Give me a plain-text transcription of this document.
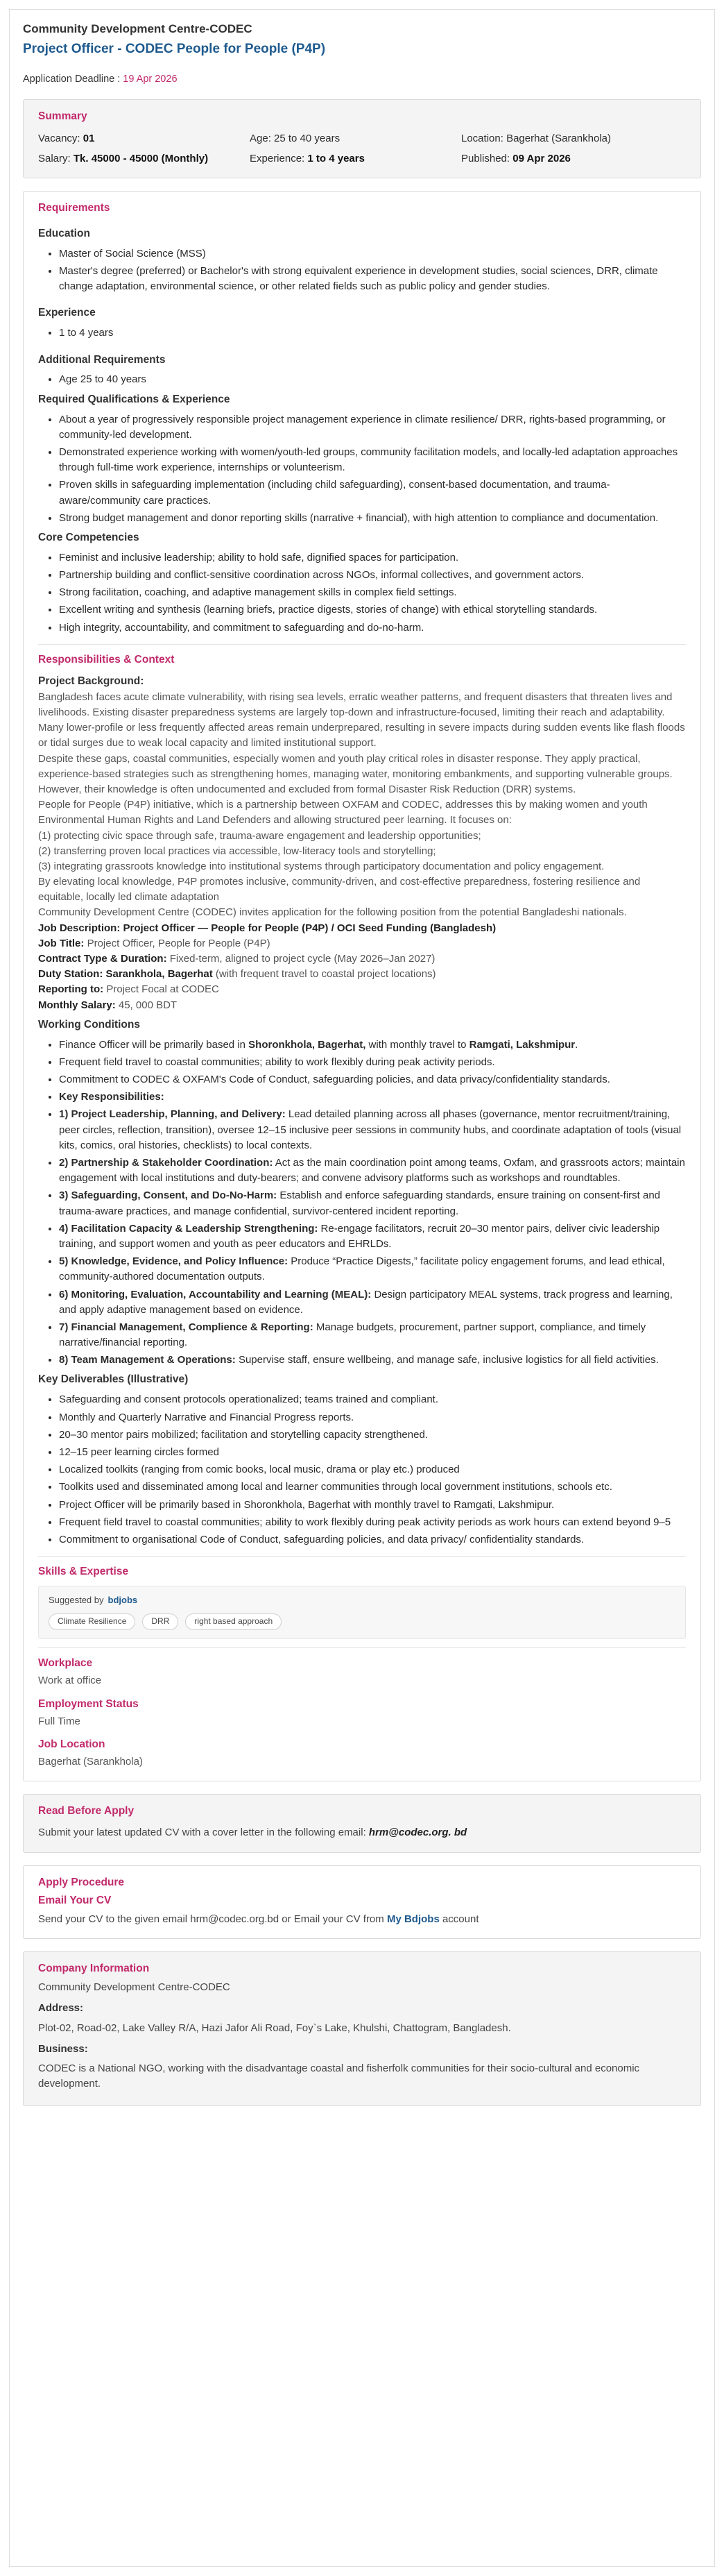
Community Development Centre-CODEC
Project Officer - CODEC People for People (P4P)
Application Deadline : 19 Apr 2026
Summary
Vacancy: 01	Age: 25 to 40 years	Location: Bagerhat (Sarankhola)
Salary: Tk. 45000 - 45000 (Monthly)	Experience: 1 to 4 years	Published: 09 Apr 2026
Requirements
Education
• Master of Social Science (MSS)
• Master's degree (preferred) or Bachelor's with strong equivalent experience in development studies, social sciences, DRR, climate change adaptation, environmental science, or other related fields such as public policy and gender studies.
Experience
• 1 to 4 years
Additional Requirements
• Age 25 to 40 years
Required Qualifications & Experience
• About a year of progressively responsible project management experience in climate resilience/ DRR, rights-based programming, or community-led development.
• Demonstrated experience working with women/youth-led groups, community facilitation models, and locally-led adaptation approaches through full-time work experience, internships or volunteerism.
• Proven skills in safeguarding implementation (including child safeguarding), consent-based documentation, and trauma-aware/community care practices.
• Strong budget management and donor reporting skills (narrative + financial), with high attention to compliance and documentation.
Core Competencies
• Feminist and inclusive leadership; ability to hold safe, dignified spaces for participation.
• Partnership building and conflict-sensitive coordination across NGOs, informal collectives, and government actors.
• Strong facilitation, coaching, and adaptive management skills in complex field settings.
• Excellent writing and synthesis (learning briefs, practice digests, stories of change) with ethical storytelling standards.
• High integrity, accountability, and commitment to safeguarding and do-no-harm.
Responsibilities & Context
Project Background:
Bangladesh faces acute climate vulnerability, with rising sea levels, erratic weather patterns, and frequent disasters that threaten lives and livelihoods. Existing disaster preparedness systems are largely top-down and infrastructure-focused, limiting their reach and adaptability. Many lower-profile or less frequently affected areas remain underprepared, resulting in severe impacts during sudden events like flash floods or tidal surges due to weak local capacity and limited institutional support.
Despite these gaps, coastal communities, especially women and youth play critical roles in disaster response. They apply practical, experience-based strategies such as strengthening homes, managing water, monitoring embankments, and supporting vulnerable groups. However, their knowledge is often undocumented and excluded from formal Disaster Risk Reduction (DRR) systems.
People for People (P4P) initiative, which is a partnership between OXFAM and CODEC, addresses this by making women and youth Environmental Human Rights and Land Defenders and allowing structured peer learning. It focuses on:
(1) protecting civic space through safe, trauma-aware engagement and leadership opportunities;
(2) transferring proven local practices via accessible, low-literacy tools and storytelling;
(3) integrating grassroots knowledge into institutional systems through participatory documentation and policy engagement.
By elevating local knowledge, P4P promotes inclusive, community-driven, and cost-effective preparedness, fostering resilience and equitable, locally led climate adaptation
Community Development Centre (CODEC) invites application for the following position from the potential Bangladeshi nationals.
Job Description: Project Officer — People for People (P4P) / OCI Seed Funding (Bangladesh)
Job Title: Project Officer, People for People (P4P)
Contract Type & Duration: Fixed-term, aligned to project cycle (May 2026–Jan 2027)
Duty Station: Sarankhola, Bagerhat (with frequent travel to coastal project locations)
Reporting to: Project Focal at CODEC
Monthly Salary: 45, 000 BDT
Working Conditions
• Finance Officer will be primarily based in Shoronkhola, Bagerhat, with monthly travel to Ramgati, Lakshmipur.
• Frequent field travel to coastal communities; ability to work flexibly during peak activity periods.
• Commitment to CODEC & OXFAM's Code of Conduct, safeguarding policies, and data privacy/confidentiality standards.
• Key Responsibilities:
• 1) Project Leadership, Planning, and Delivery: Lead detailed planning across all phases (governance, mentor recruitment/training, peer circles, reflection, transition), oversee 12–15 inclusive peer sessions in community hubs, and coordinate adaptation of tools (visual kits, comics, oral histories, checklists) to local contexts.
• 2) Partnership & Stakeholder Coordination: Act as the main coordination point among teams, Oxfam, and grassroots actors; maintain engagement with local institutions and duty-bearers; and convene advisory platforms such as workshops and roundtables.
• 3) Safeguarding, Consent, and Do-No-Harm: Establish and enforce safeguarding standards, ensure training on consent-first and trauma-aware practices, and manage confidential, survivor-centered incident reporting.
• 4) Facilitation Capacity & Leadership Strengthening: Re-engage facilitators, recruit 20–30 mentor pairs, deliver civic leadership training, and support women and youth as peer educators and EHRLDs.
• 5) Knowledge, Evidence, and Policy Influence: Produce “Practice Digests,” facilitate policy engagement forums, and lead ethical, community-authored documentation outputs.
• 6) Monitoring, Evaluation, Accountability and Learning (MEAL): Design participatory MEAL systems, track progress and learning, and apply adaptive management based on evidence.
• 7) Financial Management, Complience & Reporting: Manage budgets, procurement, partner support, compliance, and timely narrative/financial reporting.
• 8) Team Management & Operations: Supervise staff, ensure wellbeing, and manage safe, inclusive logistics for all field activities.
Key Deliverables (Illustrative)
• Safeguarding and consent protocols operationalized; teams trained and compliant.
• Monthly and Quarterly Narrative and Financial Progress reports.
• 20–30 mentor pairs mobilized; facilitation and storytelling capacity strengthened.
• 12–15 peer learning circles formed
• Localized toolkits (ranging from comic books, local music, drama or play etc.) produced
• Toolkits used and disseminated among local and learner communities through local government institutions, schools etc.
• Project Officer will be primarily based in Shoronkhola, Bagerhat with monthly travel to Ramgati, Lakshmipur.
• Frequent field travel to coastal communities; ability to work flexibly during peak activity periods as work hours can extend beyond 9–5
• Commitment to organisational Code of Conduct, safeguarding policies, and data privacy/ confidentiality standards.
Skills & Expertise
Suggested by bdjobs
Climate Resilience	DRR	right based approach
Workplace
Work at office
Employment Status
Full Time
Job Location
Bagerhat (Sarankhola)
Read Before Apply
Submit your latest updated CV with a cover letter in the following email: hrm@codec.org. bd
Apply Procedure
Email Your CV
Send your CV to the given email hrm@codec.org.bd or Email your CV from My Bdjobs account
Company Information
Community Development Centre-CODEC
Address:
Plot-02, Road-02, Lake Valley R/A, Hazi Jafor Ali Road, Foy`s Lake, Khulshi, Chattogram, Bangladesh.
Business:
CODEC is a National NGO, working with the disadvantage coastal and fisherfolk communities for their socio-cultural and economic development.
